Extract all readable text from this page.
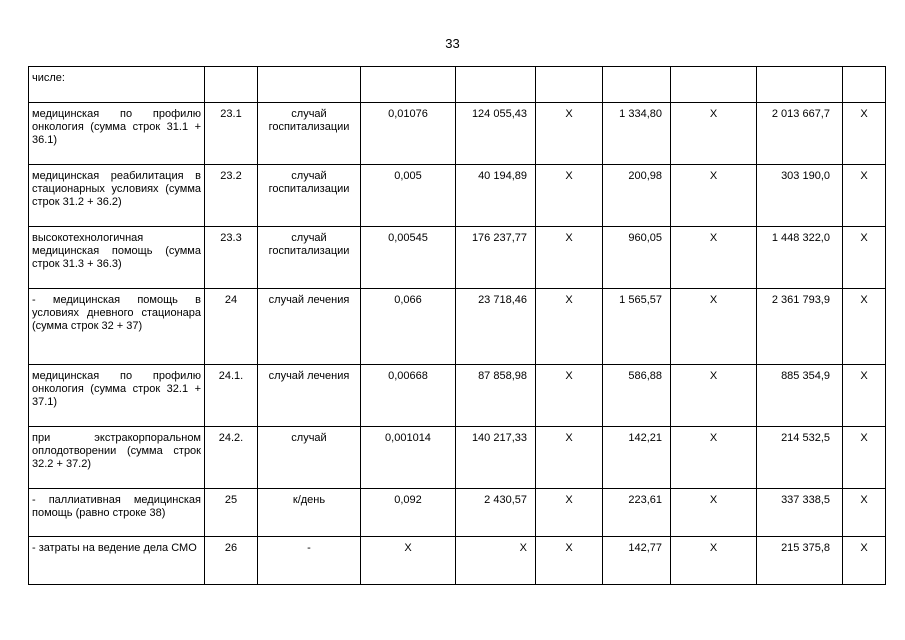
33
числе:									
медицинская по профилю онкология (сумма строк 31.1 + 36.1)	23.1	случай госпитализации	0,01076	124 055,43	Х	1 334,80	Х	2 013 667,7	Х
медицинская реабилитация в стационарных условиях (сумма строк 31.2 + 36.2)	23.2	случай госпитализации	0,005	40 194,89	Х	200,98	Х	303 190,0	Х
высокотехнологичная медицинская помощь (сумма строк 31.3 + 36.3)	23.3	случай госпитализации	0,00545	176 237,77	Х	960,05	Х	1 448 322,0	Х
- медицинская помощь в условиях дневного стационара (сумма строк 32 + 37)	24	случай лечения	0,066	23 718,46	Х	1 565,57	Х	2 361 793,9	Х
медицинская по профилю онкология (сумма строк 32.1 + 37.1)	24.1.	случай лечения	0,00668	87 858,98	Х	586,88	Х	885 354,9	Х
при экстракорпоральном оплодотворении (сумма строк 32.2 + 37.2)	24.2.	случай	0,001014	140 217,33	Х	142,21	Х	214 532,5	Х
- паллиативная медицинская помощь (равно строке 38)	25	к/день	0,092	2 430,57	Х	223,61	Х	337 338,5	Х
- затраты на ведение дела СМО	26	-	Х	Х	Х	142,77	Х	215 375,8	Х
